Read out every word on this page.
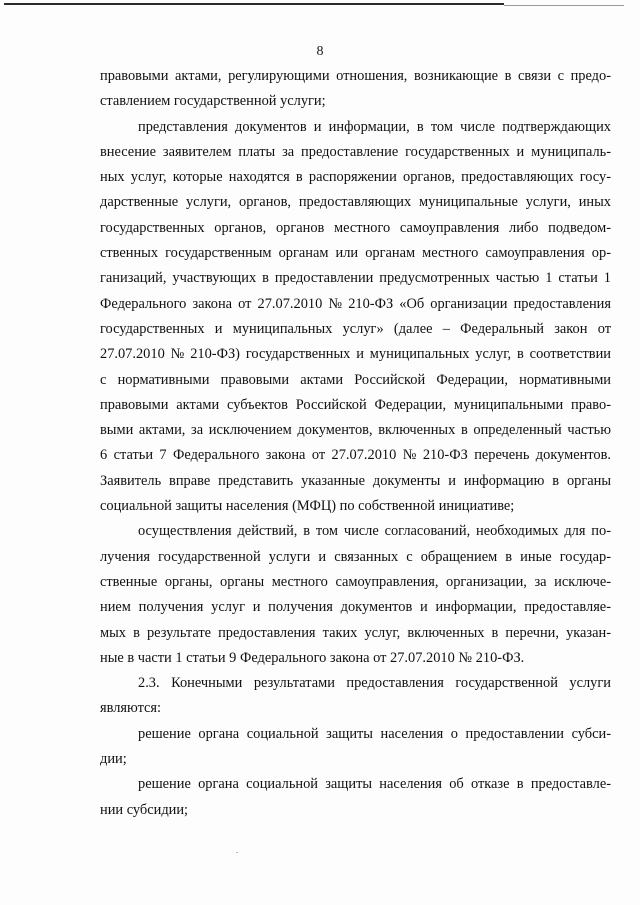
8
правовыми актами, регулирующими отношения, возникающие в связи с предо-
ставлением государственной услуги;
представления документов и информации, в том числе подтверждающих
внесение заявителем платы за предоставление государственных и муниципаль-
ных услуг, которые находятся в распоряжении органов, предоставляющих госу-
дарственные услуги, органов, предоставляющих муниципальные услуги, иных
государственных органов, органов местного самоуправления либо подведом-
ственных государственным органам или органам местного самоуправления ор-
ганизаций, участвующих в предоставлении предусмотренных частью 1 статьи 1
Федерального закона от 27.07.2010 № 210-ФЗ «Об организации предоставления
государственных и муниципальных услуг» (далее – Федеральный закон от
27.07.2010 № 210-ФЗ) государственных и муниципальных услуг, в соответствии
с нормативными правовыми актами Российской Федерации, нормативными
правовыми актами субъектов Российской Федерации, муниципальными право-
выми актами, за исключением документов, включенных в определенный частью
6 статьи 7 Федерального закона от 27.07.2010 № 210-ФЗ перечень документов.
Заявитель вправе представить указанные документы и информацию в органы
социальной защиты населения (МФЦ) по собственной инициативе;
осуществления действий, в том числе согласований, необходимых для по-
лучения государственной услуги и связанных с обращением в иные государ-
ственные органы, органы местного самоуправления, организации, за исключе-
нием получения услуг и получения документов и информации, предоставляе-
мых в результате предоставления таких услуг, включенных в перечни, указан-
ные в части 1 статьи 9 Федерального закона от 27.07.2010 № 210-ФЗ.
2.3. Конечными результатами предоставления государственной услуги
являются:
решение органа социальной защиты населения о предоставлении субси-
дии;
решение органа социальной защиты населения об отказе в предоставле-
нии субсидии;
